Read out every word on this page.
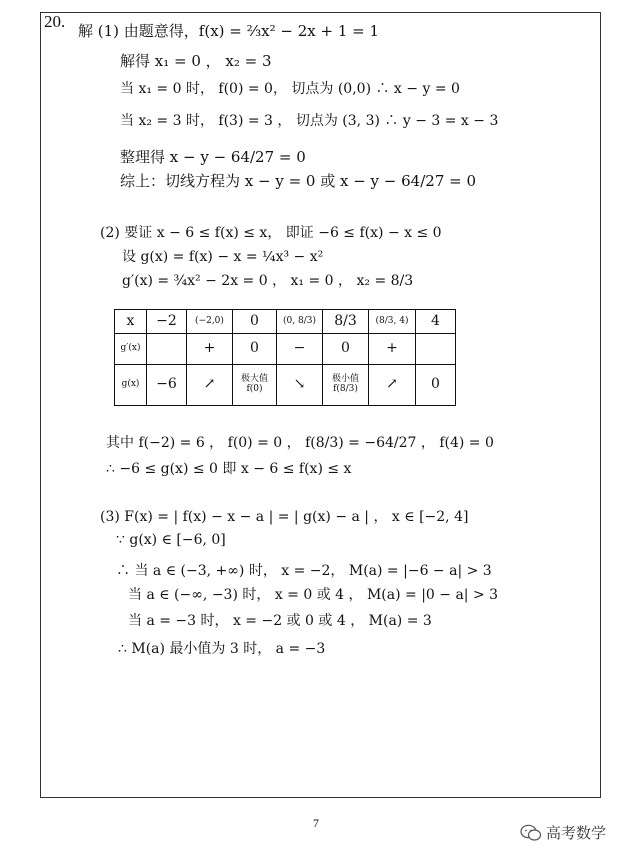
20. 解 (1) 由题意得，f(x) = ⅔x² − 2x + 1 = 1
解得 x₁ = 0 ， x₂ = 3
当 x₁ = 0 时， f(0) = 0， 切点为 (0,0) ∴ x − y = 0
当 x₂ = 3 时， f(3) = 3 ， 切点为 (3, 3) ∴ y − 3 = x − 3
整理得 x − y − 64/27 = 0
综上：切线方程为 x − y = 0 或 x − y − 64/27 = 0
(2) 要证 x − 6 ≤ f(x) ≤ x， 即证 −6 ≤ f(x) − x ≤ 0
设 g(x) = f(x) − x = ¼x³ − x²
g′(x) = ¾x² − 2x = 0 ， x₁ = 0 ， x₂ = 8/3
x	−2	(−2,0)	0	(0, 8/3)	8/3	(8/3, 4)	4
g′(x)		+	0	−	0	+	
g(x)	−6	↗	极大值 f(0)	↘	极小值 f(8/3)	↗	0
其中 f(−2) = 6 ， f(0) = 0 ， f(8/3) = −64/27 ， f(4) = 0
∴ −6 ≤ g(x) ≤ 0 即 x − 6 ≤ f(x) ≤ x
(3) F(x) = | f(x) − x − a | = | g(x) − a | ， x ∈ [−2, 4]
∵ g(x) ∈ [−6, 0]
∴ 当 a ∈ (−3, +∞) 时， x = −2， M(a) = |−6 − a| > 3
当 a ∈ (−∞, −3) 时， x = 0 或 4 ， M(a) = |0 − a| > 3
当 a = −3 时， x = −2 或 0 或 4 ， M(a) = 3
∴ M(a) 最小值为 3 时， a = −3
7
高考数学
